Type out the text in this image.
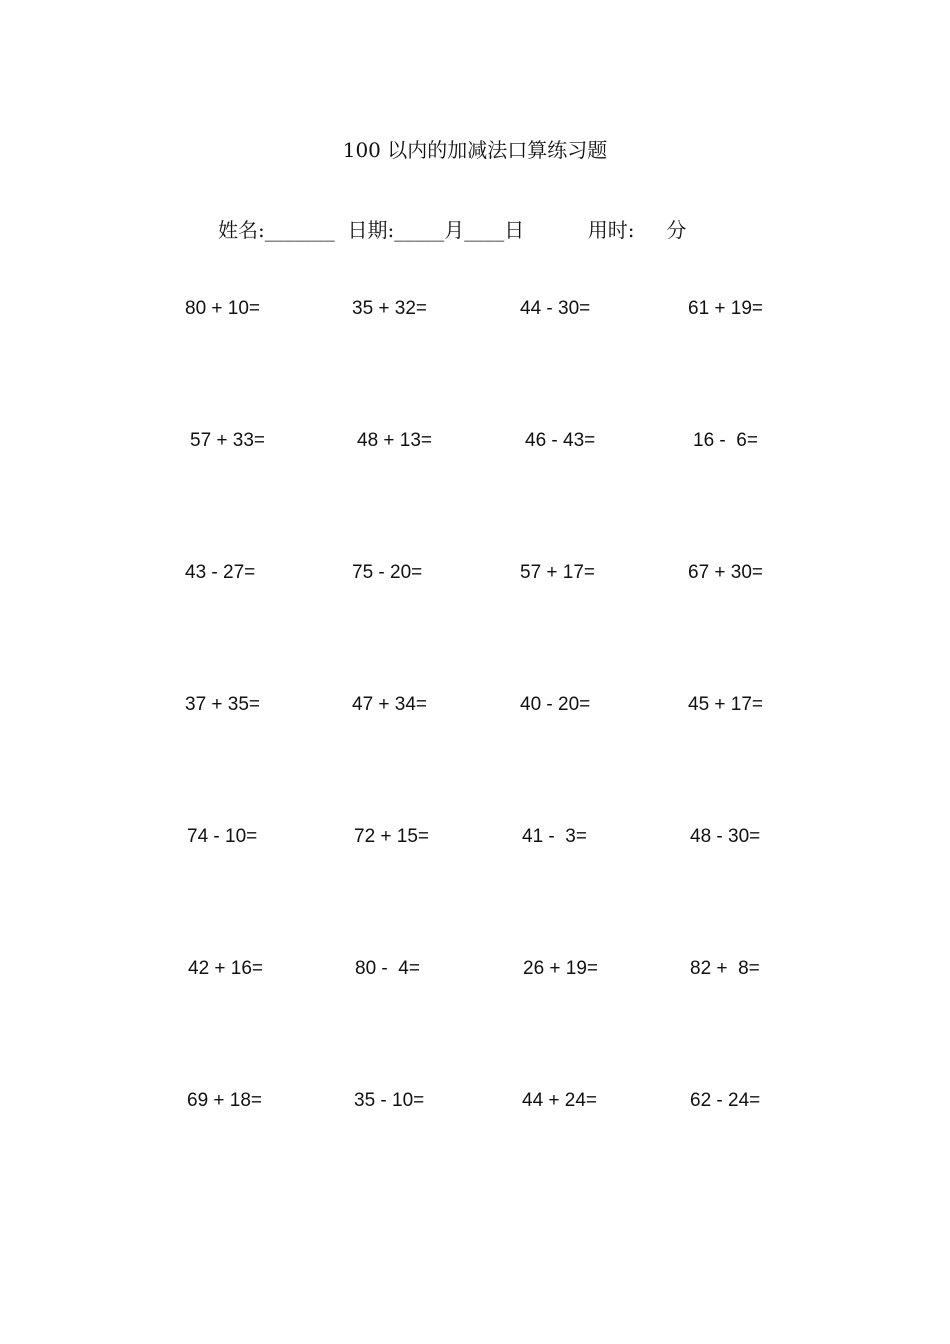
100 以内的加减法口算练习题
姓名:_______ 日期:_____月____日	用时: 分
80 + 10=	35 + 32=	44 - 30=	61 + 19=
57 + 33=	48 + 13=	46 - 43=	16 -  6=
43 - 27=	75 - 20=	57 + 17=	67 + 30=
37 + 35=	47 + 34=	40 - 20=	45 + 17=
74 - 10=	72 + 15=	41 -  3=	48 - 30=
42 + 16=	80 -  4=	26 + 19=	82 +  8=
69 + 18=	35 - 10=	44 + 24=	62 - 24=
